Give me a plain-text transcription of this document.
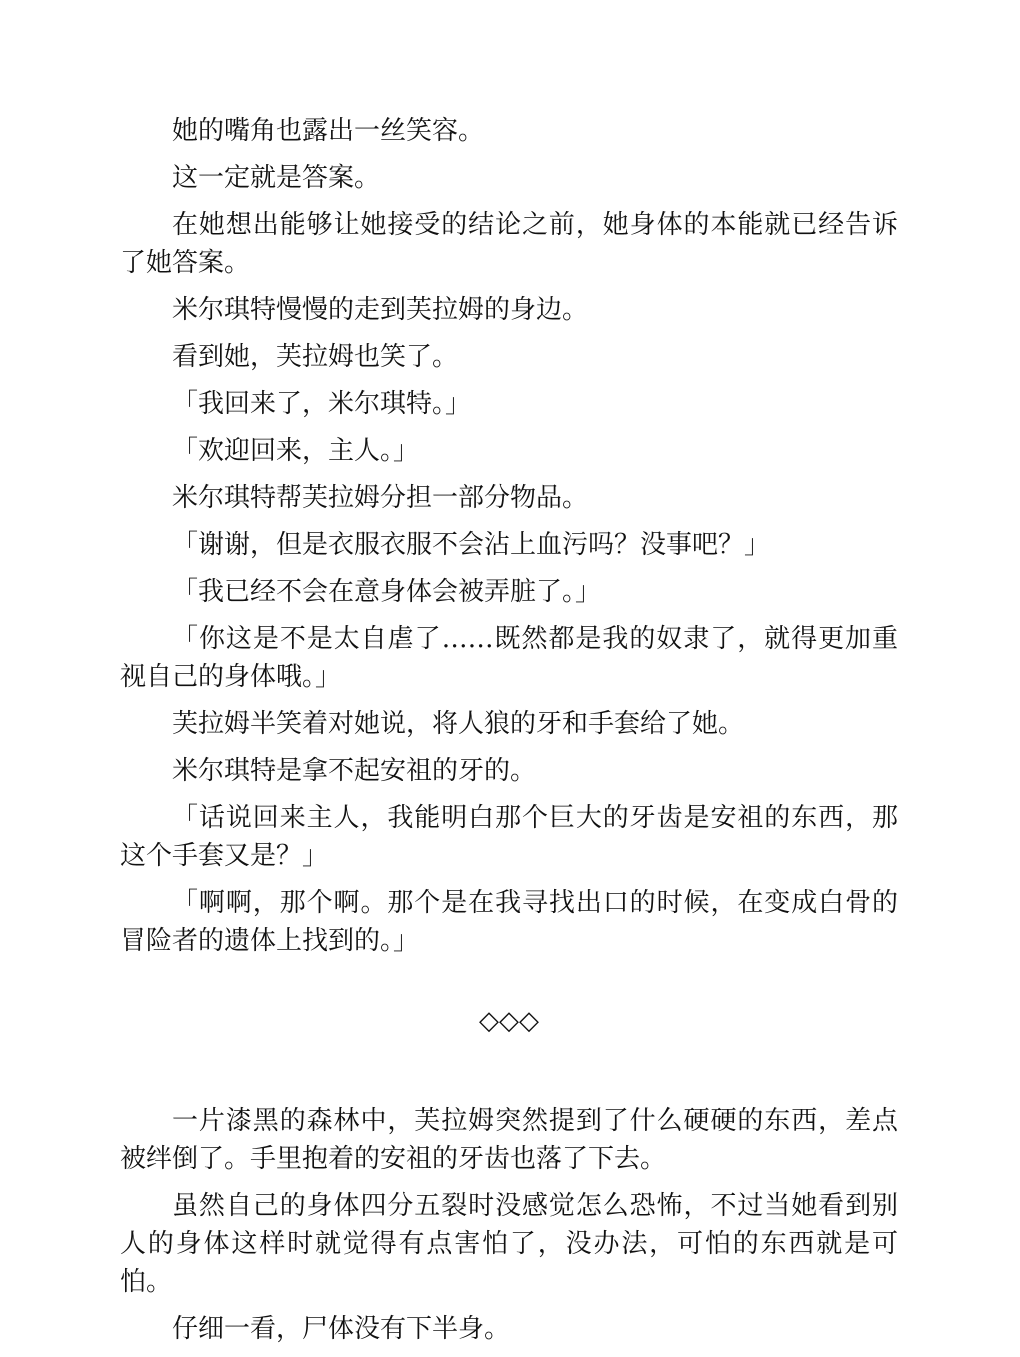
她的嘴角也露出一丝笑容。

这一定就是答案。

在她想出能够让她接受的结论之前，她身体的本能就已经告诉了她答案。

米尔琪特慢慢的走到芙拉姆的身边。

看到她，芙拉姆也笑了。

「我回来了，米尔琪特。」

「欢迎回来，主人。」

米尔琪特帮芙拉姆分担一部分物品。

「谢谢，但是衣服衣服不会沾上血污吗？没事吧？」

「我已经不会在意身体会被弄脏了。」

「你这是不是太自虐了……既然都是我的奴隶了，就得更加重视自己的身体哦。」

芙拉姆半笑着对她说，将人狼的牙和手套给了她。

米尔琪特是拿不起安祖的牙的。

「话说回来主人，我能明白那个巨大的牙齿是安祖的东西，那这个手套又是？」

「啊啊，那个啊。那个是在我寻找出口的时候，在变成白骨的冒险者的遗体上找到的。」

◇◇◇

一片漆黑的森林中，芙拉姆突然提到了什么硬硬的东西，差点被绊倒了。手里抱着的安祖的牙齿也落了下去。

虽然自己的身体四分五裂时没感觉怎么恐怖，不过当她看到别人的身体这样时就觉得有点害怕了，没办法，可怕的东西就是可怕。

仔细一看，尸体没有下半身。
